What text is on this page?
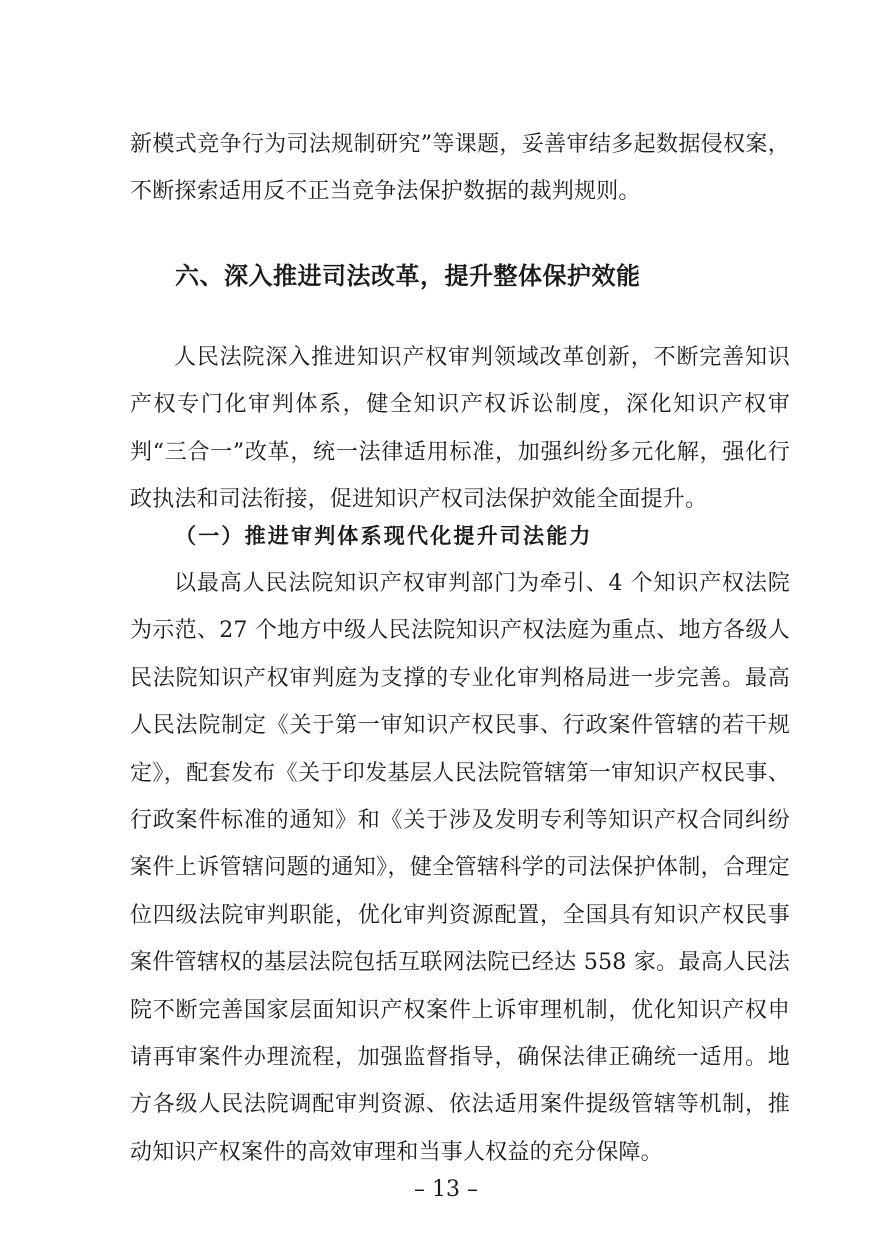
新模式竞争行为司法规制研究”等课题，妥善审结多起数据侵权案，不断探索适用反不正当竞争法保护数据的裁判规则。

六、深入推进司法改革，提升整体保护效能

人民法院深入推进知识产权审判领域改革创新，不断完善知识产权专门化审判体系，健全知识产权诉讼制度，深化知识产权审判“三合一”改革，统一法律适用标准，加强纠纷多元化解，强化行政执法和司法衔接，促进知识产权司法保护效能全面提升。

（一）推进审判体系现代化提升司法能力

以最高人民法院知识产权审判部门为牵引、4 个知识产权法院为示范、27 个地方中级人民法院知识产权法庭为重点、地方各级人民法院知识产权审判庭为支撑的专业化审判格局进一步完善。最高人民法院制定《关于第一审知识产权民事、行政案件管辖的若干规定》，配套发布《关于印发基层人民法院管辖第一审知识产权民事、行政案件标准的通知》和《关于涉及发明专利等知识产权合同纠纷案件上诉管辖问题的通知》，健全管辖科学的司法保护体制，合理定位四级法院审判职能，优化审判资源配置，全国具有知识产权民事案件管辖权的基层法院包括互联网法院已经达 558 家。最高人民法院不断完善国家层面知识产权案件上诉审理机制，优化知识产权申请再审案件办理流程，加强监督指导，确保法律正确统一适用。地方各级人民法院调配审判资源、依法适用案件提级管辖等机制，推动知识产权案件的高效审理和当事人权益的充分保障。

– 13 –
